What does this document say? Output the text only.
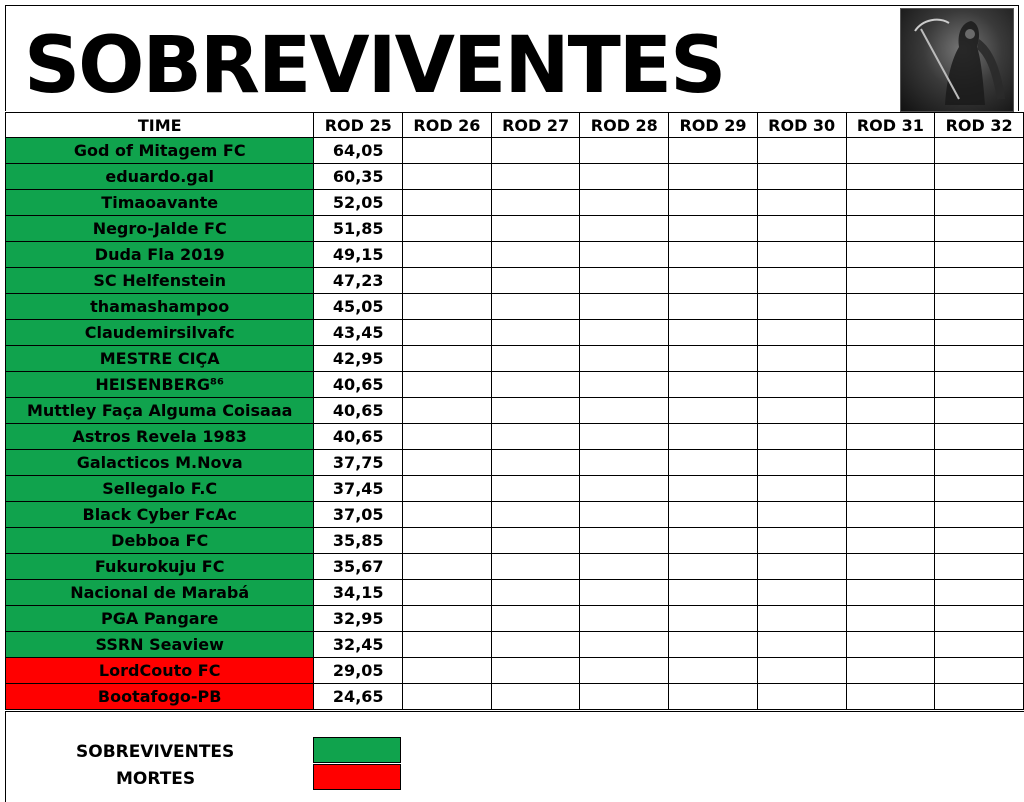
SOBREVIVENTES
TIME	ROD 25	ROD 26	ROD 27	ROD 28	ROD 29	ROD 30	ROD 31	ROD 32
God of Mitagem FC	64,05							
eduardo.gal	60,35							
Timaoavante	52,05							
Negro-Jalde FC	51,85							
Duda Fla 2019	49,15							
SC Helfenstein	47,23							
thamashampoo	45,05							
Claudemirsilvafc	43,45							
MESTRE CIÇA	42,95							
HEISENBERG⁸⁶	40,65							
Muttley Faça Alguma Coisaaa	40,65							
Astros Revela 1983	40,65							
Galacticos M.Nova	37,75							
Sellegalo F.C	37,45							
Black Cyber FcAc	37,05							
Debboa FC	35,85							
Fukurokuju FC	35,67							
Nacional de Marabá	34,15							
PGA Pangare	32,95							
SSRN Seaview	32,45							
LordCouto FC	29,05							
Bootafogo-PB	24,65							
SOBREVIVENTES
MORTES
